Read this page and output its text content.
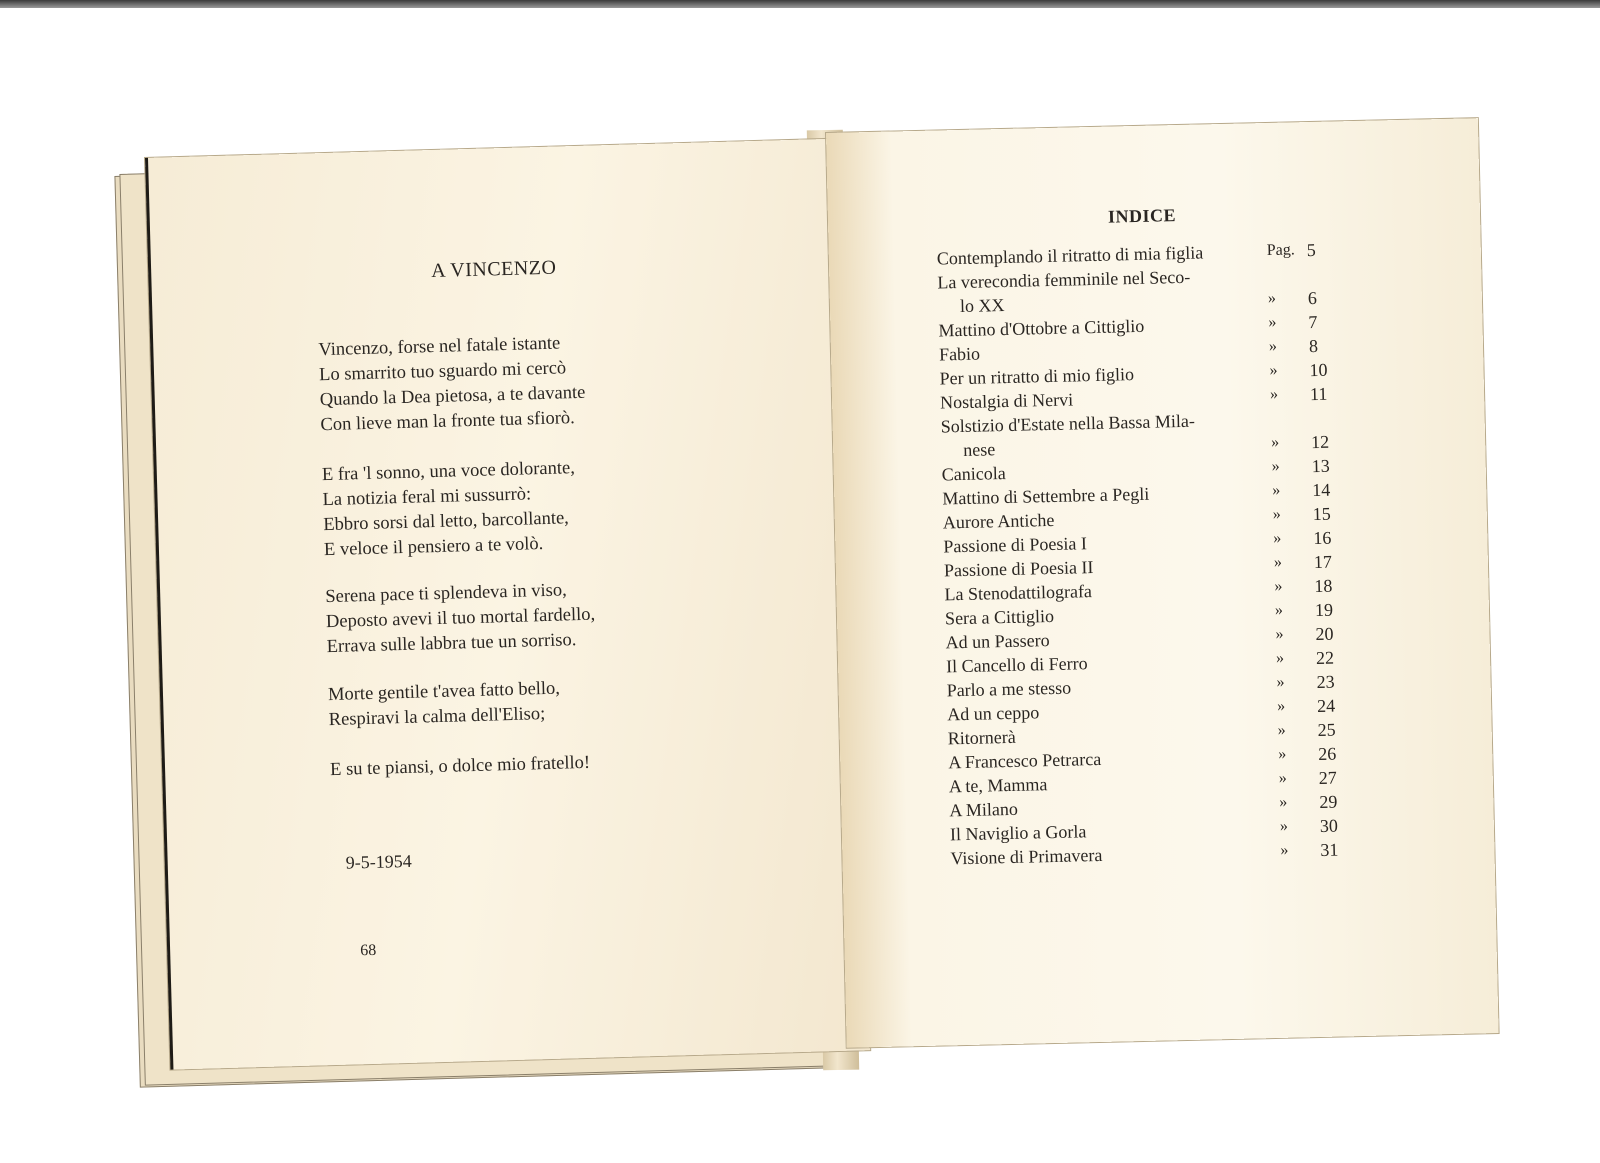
A VINCENZO
Vincenzo, forse nel fatale istante
Lo smarrito tuo sguardo mi cercò
Quando la Dea pietosa, a te davante
Con lieve man la fronte tua sfiorò.
E fra 'l sonno, una voce dolorante,
La notizia feral mi sussurrò:
Ebbro sorsi dal letto, barcollante,
E veloce il pensiero a te volò.
Serena pace ti splendeva in viso,
Deposto avevi il tuo mortal fardello,
Errava sulle labbra tue un sorriso.
Morte gentile t'avea fatto bello,
Respiravi la calma dell'Eliso;
E su te piansi, o dolce mio fratello!
9-5-1954
68
INDICE
Contemplando il ritratto di mia figlia	Pag. 5
La verecondia femminile nel Seco-
lo XX	» 6
Mattino d'Ottobre a Cittiglio	» 7
Fabio	» 8
Per un ritratto di mio figlio	» 10
Nostalgia di Nervi	» 11
Solstizio d'Estate nella Bassa Mila-
nese	» 12
Canicola	» 13
Mattino di Settembre a Pegli	» 14
Aurore Antiche	» 15
Passione di Poesia I	» 16
Passione di Poesia II	» 17
La Stenodattilografa	» 18
Sera a Cittiglio	» 19
Ad un Passero	» 20
Il Cancello di Ferro	» 22
Parlo a me stesso	» 23
Ad un ceppo	» 24
Ritornerà	» 25
A Francesco Petrarca	» 26
A te, Mamma	» 27
A Milano	» 29
Il Naviglio a Gorla	» 30
Visione di Primavera	» 31
